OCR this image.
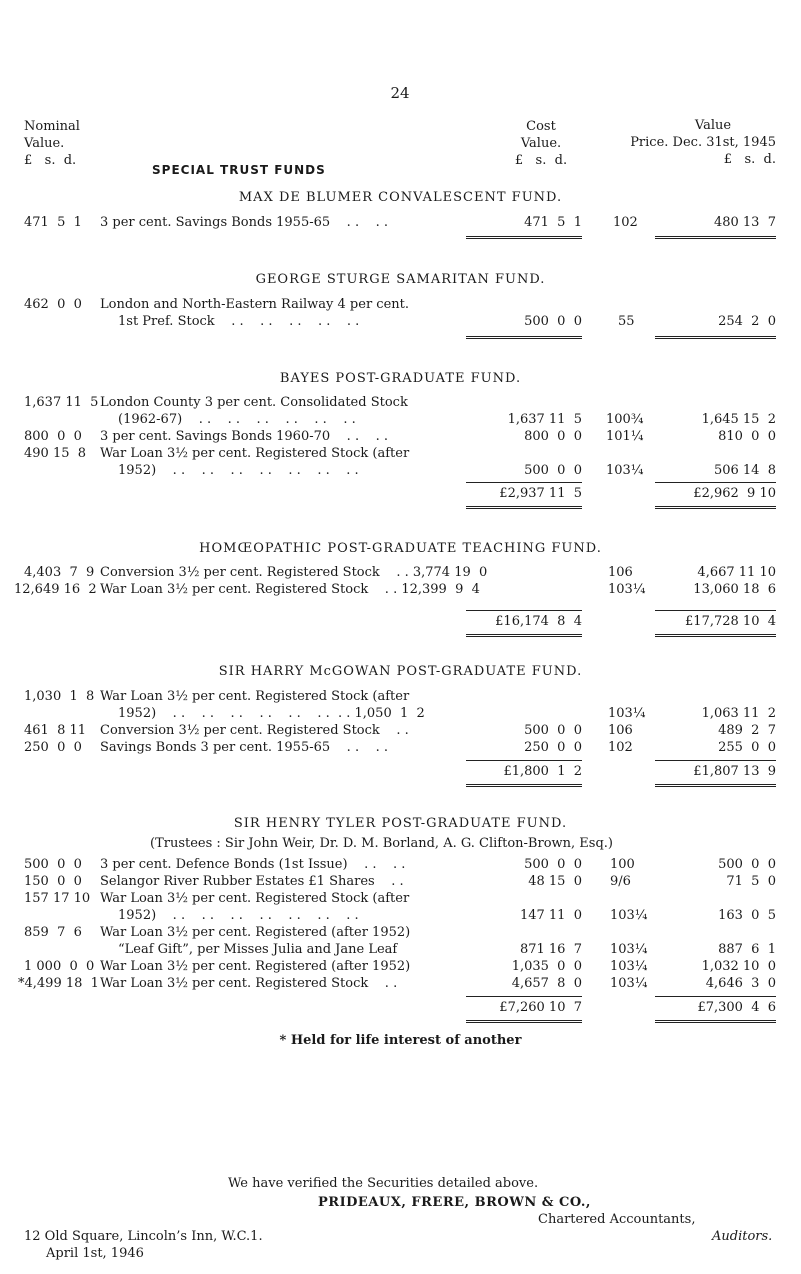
24
Nominal
Value.
£   s.  d.
Cost
Value.
£   s.  d.
Value
Price. Dec. 31st, 1945
£   s.  d.
SPECIAL TRUST FUNDS
MAX DE BLUMER CONVALESCENT FUND.
471  5  1 3 per cent. Savings Bonds 1955-65    . .    . .	471  5  1 102	480 13  7
GEORGE STURGE SAMARITAN FUND.
462  0  0 London and North-Eastern Railway 4 per cent.
1st Pref. Stock    . .    . .    . .    . .    . .	500  0  0	55	254  2  0
BAYES POST-GRADUATE FUND.
1,637 11  5 London County 3 per cent. Consolidated Stock
(1962-67)    . .    . .    . .    . .    . .    . .	1,637 11  5 100¾	1,645 15  2
800  0  0 3 per cent. Savings Bonds 1960-70    . .    . .	800  0  0 101¼	810  0  0
490 15  8 War Loan 3½ per cent. Registered Stock (after
1952)    . .    . .    . .    . .    . .    . .    . .	500  0  0 103¼	506 14  8
£2,937 11  5	£2,962  9 10
HOMŒOPATHIC POST-GRADUATE TEACHING FUND.
4,403  7  9 Conversion 3½ per cent. Registered Stock    . . 3,774 19  0	106	4,667 11 10
12,649 16  2 War Loan 3½ per cent. Registered Stock    . . 12,399  9  4	103¼	13,060 18  6
£16,174  8  4	£17,728 10  4
SIR HARRY McGOWAN POST-GRADUATE FUND.
1,030  1  8 War Loan 3½ per cent. Registered Stock (after
1952)    . .    . .    . .    . .    . .    . .  . . 1,050  1  2	103¼	1,063 11  2
461  8 11 Conversion 3½ per cent. Registered Stock    . .	500  0  0 106	489  2  7
250  0  0 Savings Bonds 3 per cent. 1955-65    . .    . .	250  0  0 102	255  0  0
£1,800  1  2	£1,807 13  9
SIR HENRY TYLER POST-GRADUATE FUND.
(Trustees : Sir John Weir, Dr. D. M. Borland, A. G. Clifton-Brown, Esq.)
500  0  0 3 per cent. Defence Bonds (1st Issue)    . .    . .	500  0  0 100	500  0  0
150  0  0 Selangor River Rubber Estates £1 Shares    . .	48 15  0 9/6	71  5  0
157 17 10 War Loan 3½ per cent. Registered Stock (after
1952)    . .    . .    . .    . .    . .    . .    . .	147 11  0 103¼	163  0  5
859  7  6 War Loan 3½ per cent. Registered (after 1952)
“Leaf Gift”, per Misses Julia and Jane Leaf	871 16  7 103¼	887  6  1
1 000  0  0 War Loan 3½ per cent. Registered (after 1952)	1,035  0  0 103¼	1,032 10  0
*4,499 18  1 War Loan 3½ per cent. Registered Stock    . .	4,657  8  0 103¼	4,646  3  0
£7,260 10  7	£7,300  4  6
* Held for life interest of another
We have verified the Securities detailed above.
PRIDEAUX, FRERE, BROWN & CO.,
Chartered Accountants,
12 Old Square, Lincoln’s Inn, W.C.1.	Auditors.
April 1st, 1946
